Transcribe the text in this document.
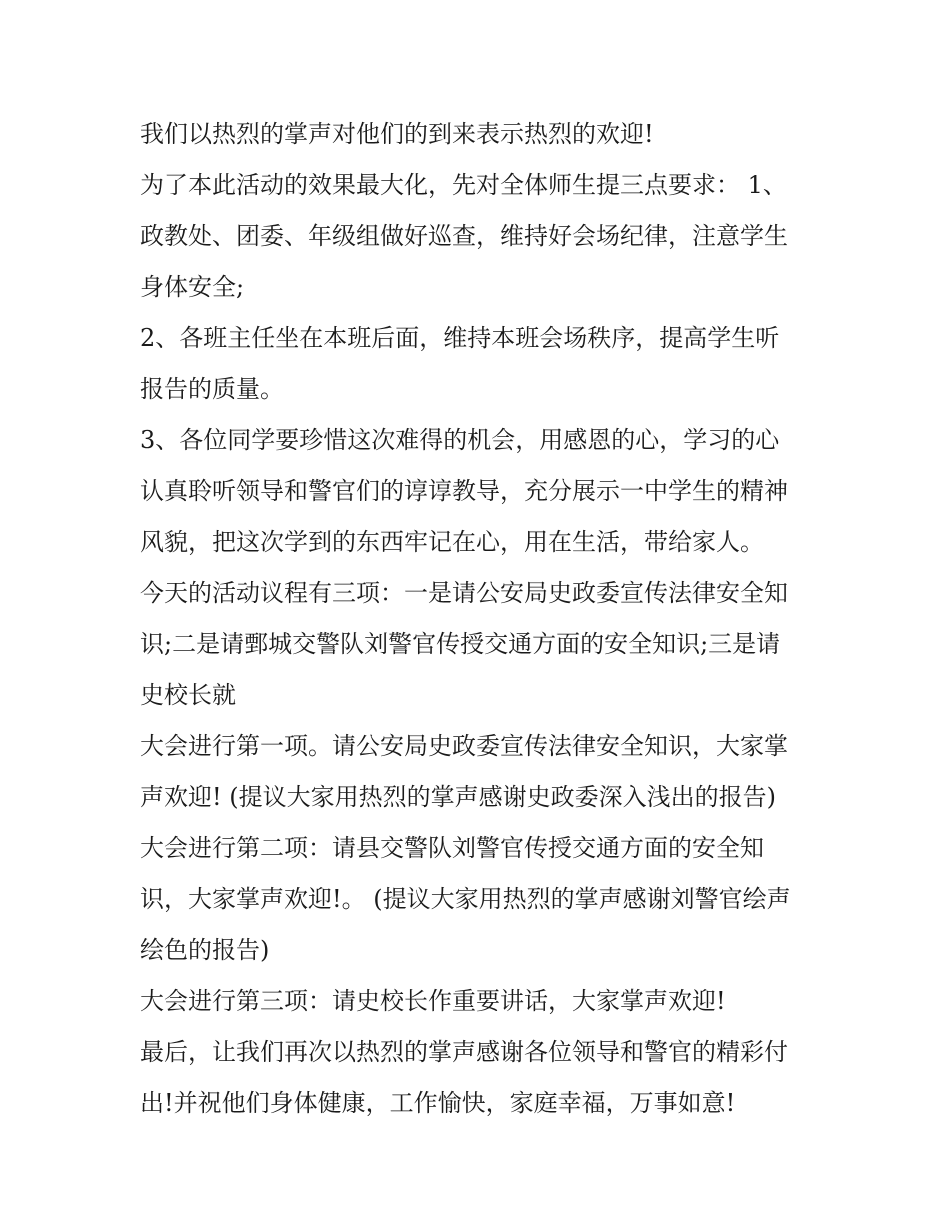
我们以热烈的掌声对他们的到来表示热烈的欢迎!
为了本此活动的效果最大化，先对全体师生提三点要求： 1、
政教处、团委、年级组做好巡查，维持好会场纪律，注意学生
身体安全;
2、各班主任坐在本班后面，维持本班会场秩序，提高学生听
报告的质量。
3、各位同学要珍惜这次难得的机会，用感恩的心，学习的心
认真聆听领导和警官们的谆谆教导，充分展示一中学生的精神
风貌，把这次学到的东西牢记在心，用在生活，带给家人。
今天的活动议程有三项：一是请公安局史政委宣传法律安全知
识;二是请鄄城交警队刘警官传授交通方面的安全知识;三是请
史校长就
大会进行第一项。请公安局史政委宣传法律安全知识，大家掌
声欢迎! (提议大家用热烈的掌声感谢史政委深入浅出的报告)
大会进行第二项：请县交警队刘警官传授交通方面的安全知
识，大家掌声欢迎!。 (提议大家用热烈的掌声感谢刘警官绘声
绘色的报告)
大会进行第三项：请史校长作重要讲话，大家掌声欢迎!
最后，让我们再次以热烈的掌声感谢各位领导和警官的精彩付
出!并祝他们身体健康，工作愉快，家庭幸福，万事如意!
